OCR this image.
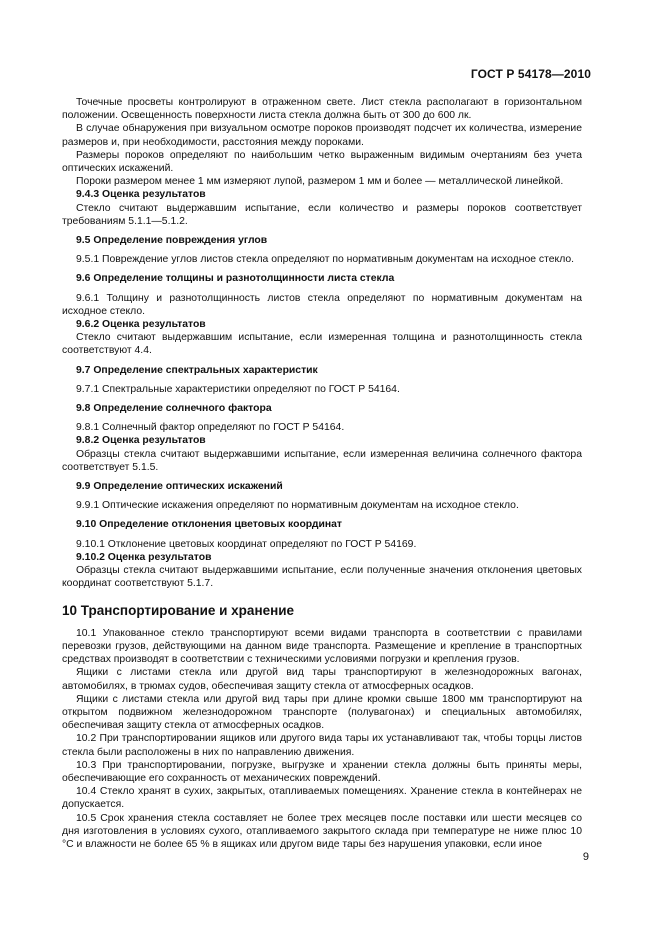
ГОСТ Р 54178—2010

Точечные просветы контролируют в отраженном свете. Лист стекла располагают в горизонтальном положении. Освещенность поверхности листа стекла должна быть от 300 до 600 лк.

В случае обнаружения при визуальном осмотре пороков производят подсчет их количества, измерение размеров и, при необходимости, расстояния между пороками.

Размеры пороков определяют по наибольшим четко выраженным видимым очертаниям без учета оптических искажений.

Пороки размером менее 1 мм измеряют лупой, размером 1 мм и более — металлической линейкой.

9.4.3 Оценка результатов

Стекло считают выдержавшим испытание, если количество и размеры пороков соответствует требованиям 5.1.1—5.1.2.

9.5 Определение повреждения углов

9.5.1 Повреждение углов листов стекла определяют по нормативным документам на исходное стекло.

9.6 Определение толщины и разнотолщинности листа стекла

9.6.1 Толщину и разнотолщинность листов стекла определяют по нормативным документам на исходное стекло.

9.6.2 Оценка результатов

Стекло считают выдержавшим испытание, если измеренная толщина и разнотолщинность стекла соответствуют 4.4.

9.7 Определение спектральных характеристик

9.7.1 Спектральные характеристики определяют по ГОСТ Р 54164.

9.8 Определение солнечного фактора

9.8.1 Солнечный фактор определяют по ГОСТ Р 54164.

9.8.2 Оценка результатов

Образцы стекла считают выдержавшими испытание, если измеренная величина солнечного фактора соответствует 5.1.5.

9.9 Определение оптических искажений

9.9.1 Оптические искажения определяют по нормативным документам на исходное стекло.

9.10 Определение отклонения цветовых координат

9.10.1 Отклонение цветовых координат определяют по ГОСТ Р 54169.

9.10.2 Оценка результатов

Образцы стекла считают выдержавшими испытание, если полученные значения отклонения цветовых координат соответствуют 5.1.7.

10 Транспортирование и хранение

10.1 Упакованное стекло транспортируют всеми видами транспорта в соответствии с правилами перевозки грузов, действующими на данном виде транспорта. Размещение и крепление в транспортных средствах производят в соответствии с техническими условиями погрузки и крепления грузов.

Ящики с листами стекла или другой вид тары транспортируют в железнодорожных вагонах, автомобилях, в трюмах судов, обеспечивая защиту стекла от атмосферных осадков.

Ящики с листами стекла или другой вид тары при длине кромки свыше 1800 мм транспортируют на открытом подвижном железнодорожном транспорте (полувагонах) и специальных автомобилях, обеспечивая защиту стекла от атмосферных осадков.

10.2 При транспортировании ящиков или другого вида тары их устанавливают так, чтобы торцы листов стекла были расположены в них по направлению движения.

10.3 При транспортировании, погрузке, выгрузке и хранении стекла должны быть приняты меры, обеспечивающие его сохранность от механических повреждений.

10.4 Стекло хранят в сухих, закрытых, отапливаемых помещениях. Хранение стекла в контейнерах не допускается.

10.5 Срок хранения стекла составляет не более трех месяцев после поставки или шести месяцев со дня изготовления в условиях сухого, отапливаемого закрытого склада при температуре не ниже плюс 10 °С и влажности не более 65 % в ящиках или другом виде тары без нарушения упаковки, если иное

9
